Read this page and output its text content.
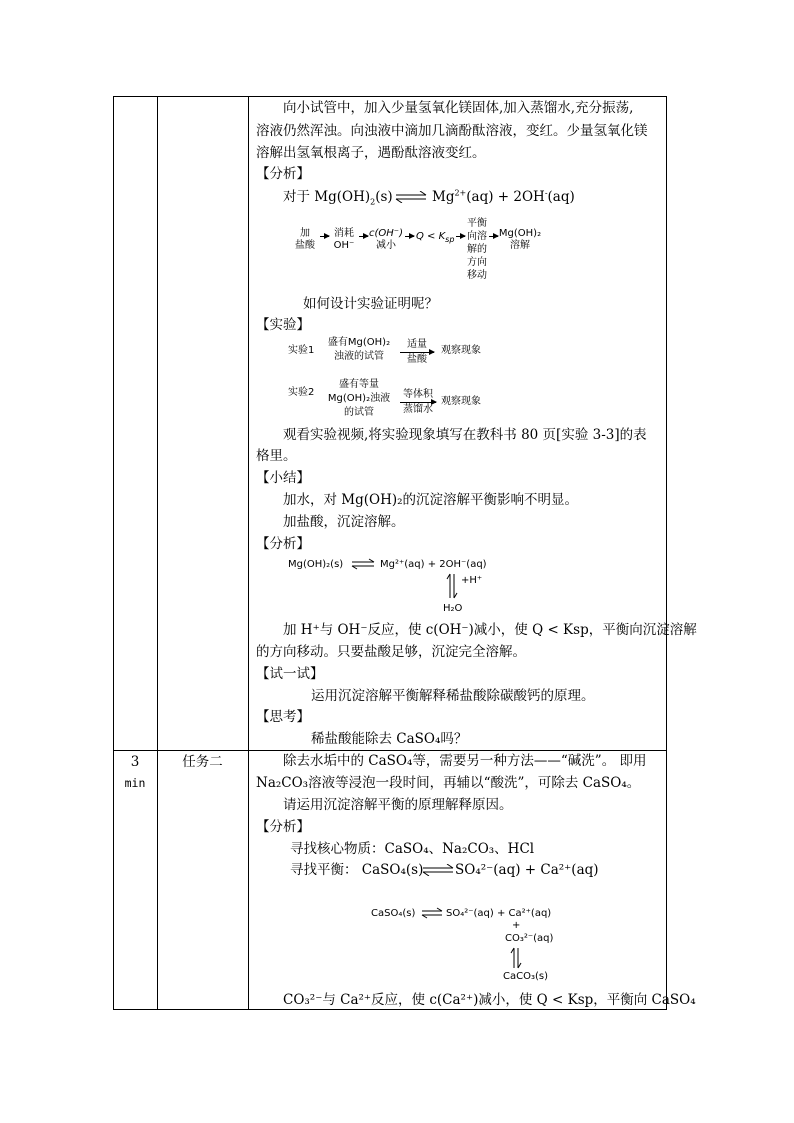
3
min
任务二
向小试管中，加入少量氢氧化镁固体,加入蒸馏水,充分振荡,
溶液仍然浑浊。向浊液中滴加几滴酚酞溶液，变红。少量氢氧化镁
溶解出氢氧根离子，遇酚酞溶液变红。
【分析】
对于 $Mg(OH)_2(s)$ ⇌ $Mg^{2+}(aq) + 2OH^-(aq)$
加
盐酸
消耗
OH⁻
c(OH⁻)
减小
$Q < K_{sp}$
平衡
向溶
解的
方向
移动
Mg(OH)₂
溶解
如何设计实验证明呢？
【实验】
实验1
盛有Mg(OH)₂
浊液的试管
适量
盐酸
观察现象
实验2
盛有等量
Mg(OH)₂浊液
的试管
等体积
蒸馏水
观察现象
观看实验视频,将实验现象填写在教科书 80 页[实验 3-3]的表
格里。
【小结】
加水，对 Mg(OH)₂的沉淀溶解平衡影响不明显。
加盐酸，沉淀溶解。
【分析】
Mg(OH)₂(s) ⇌ Mg²⁺(aq) + 2OH⁻(aq)
+H⁺
H₂O
加 H⁺与 OH⁻反应，使 c(OH⁻)减小，使 Q < Ksp，平衡向沉淀溶解
的方向移动。只要盐酸足够，沉淀完全溶解。
【试一试】
运用沉淀溶解平衡解释稀盐酸除碳酸钙的原理。
【思考】
稀盐酸能除去 CaSO₄吗？
除去水垢中的 CaSO₄等，需要另一种方法——“碱洗”。 即用
Na₂CO₃溶液等浸泡一段时间，再辅以“酸洗”，可除去 CaSO₄。
请运用沉淀溶解平衡的原理解释原因。
【分析】
寻找核心物质：CaSO₄、Na₂CO₃、HCl
寻找平衡： CaSO₄(s) ⇌ SO₄²⁻(aq) + Ca²⁺(aq)
CaSO₄(s) ⇌ SO₄²⁻(aq) + Ca²⁺(aq)
+
CO₃²⁻(aq)
CaCO₃(s)
CO₃²⁻与 Ca²⁺反应，使 c(Ca²⁺)减小，使 Q < Ksp，平衡向 CaSO₄
